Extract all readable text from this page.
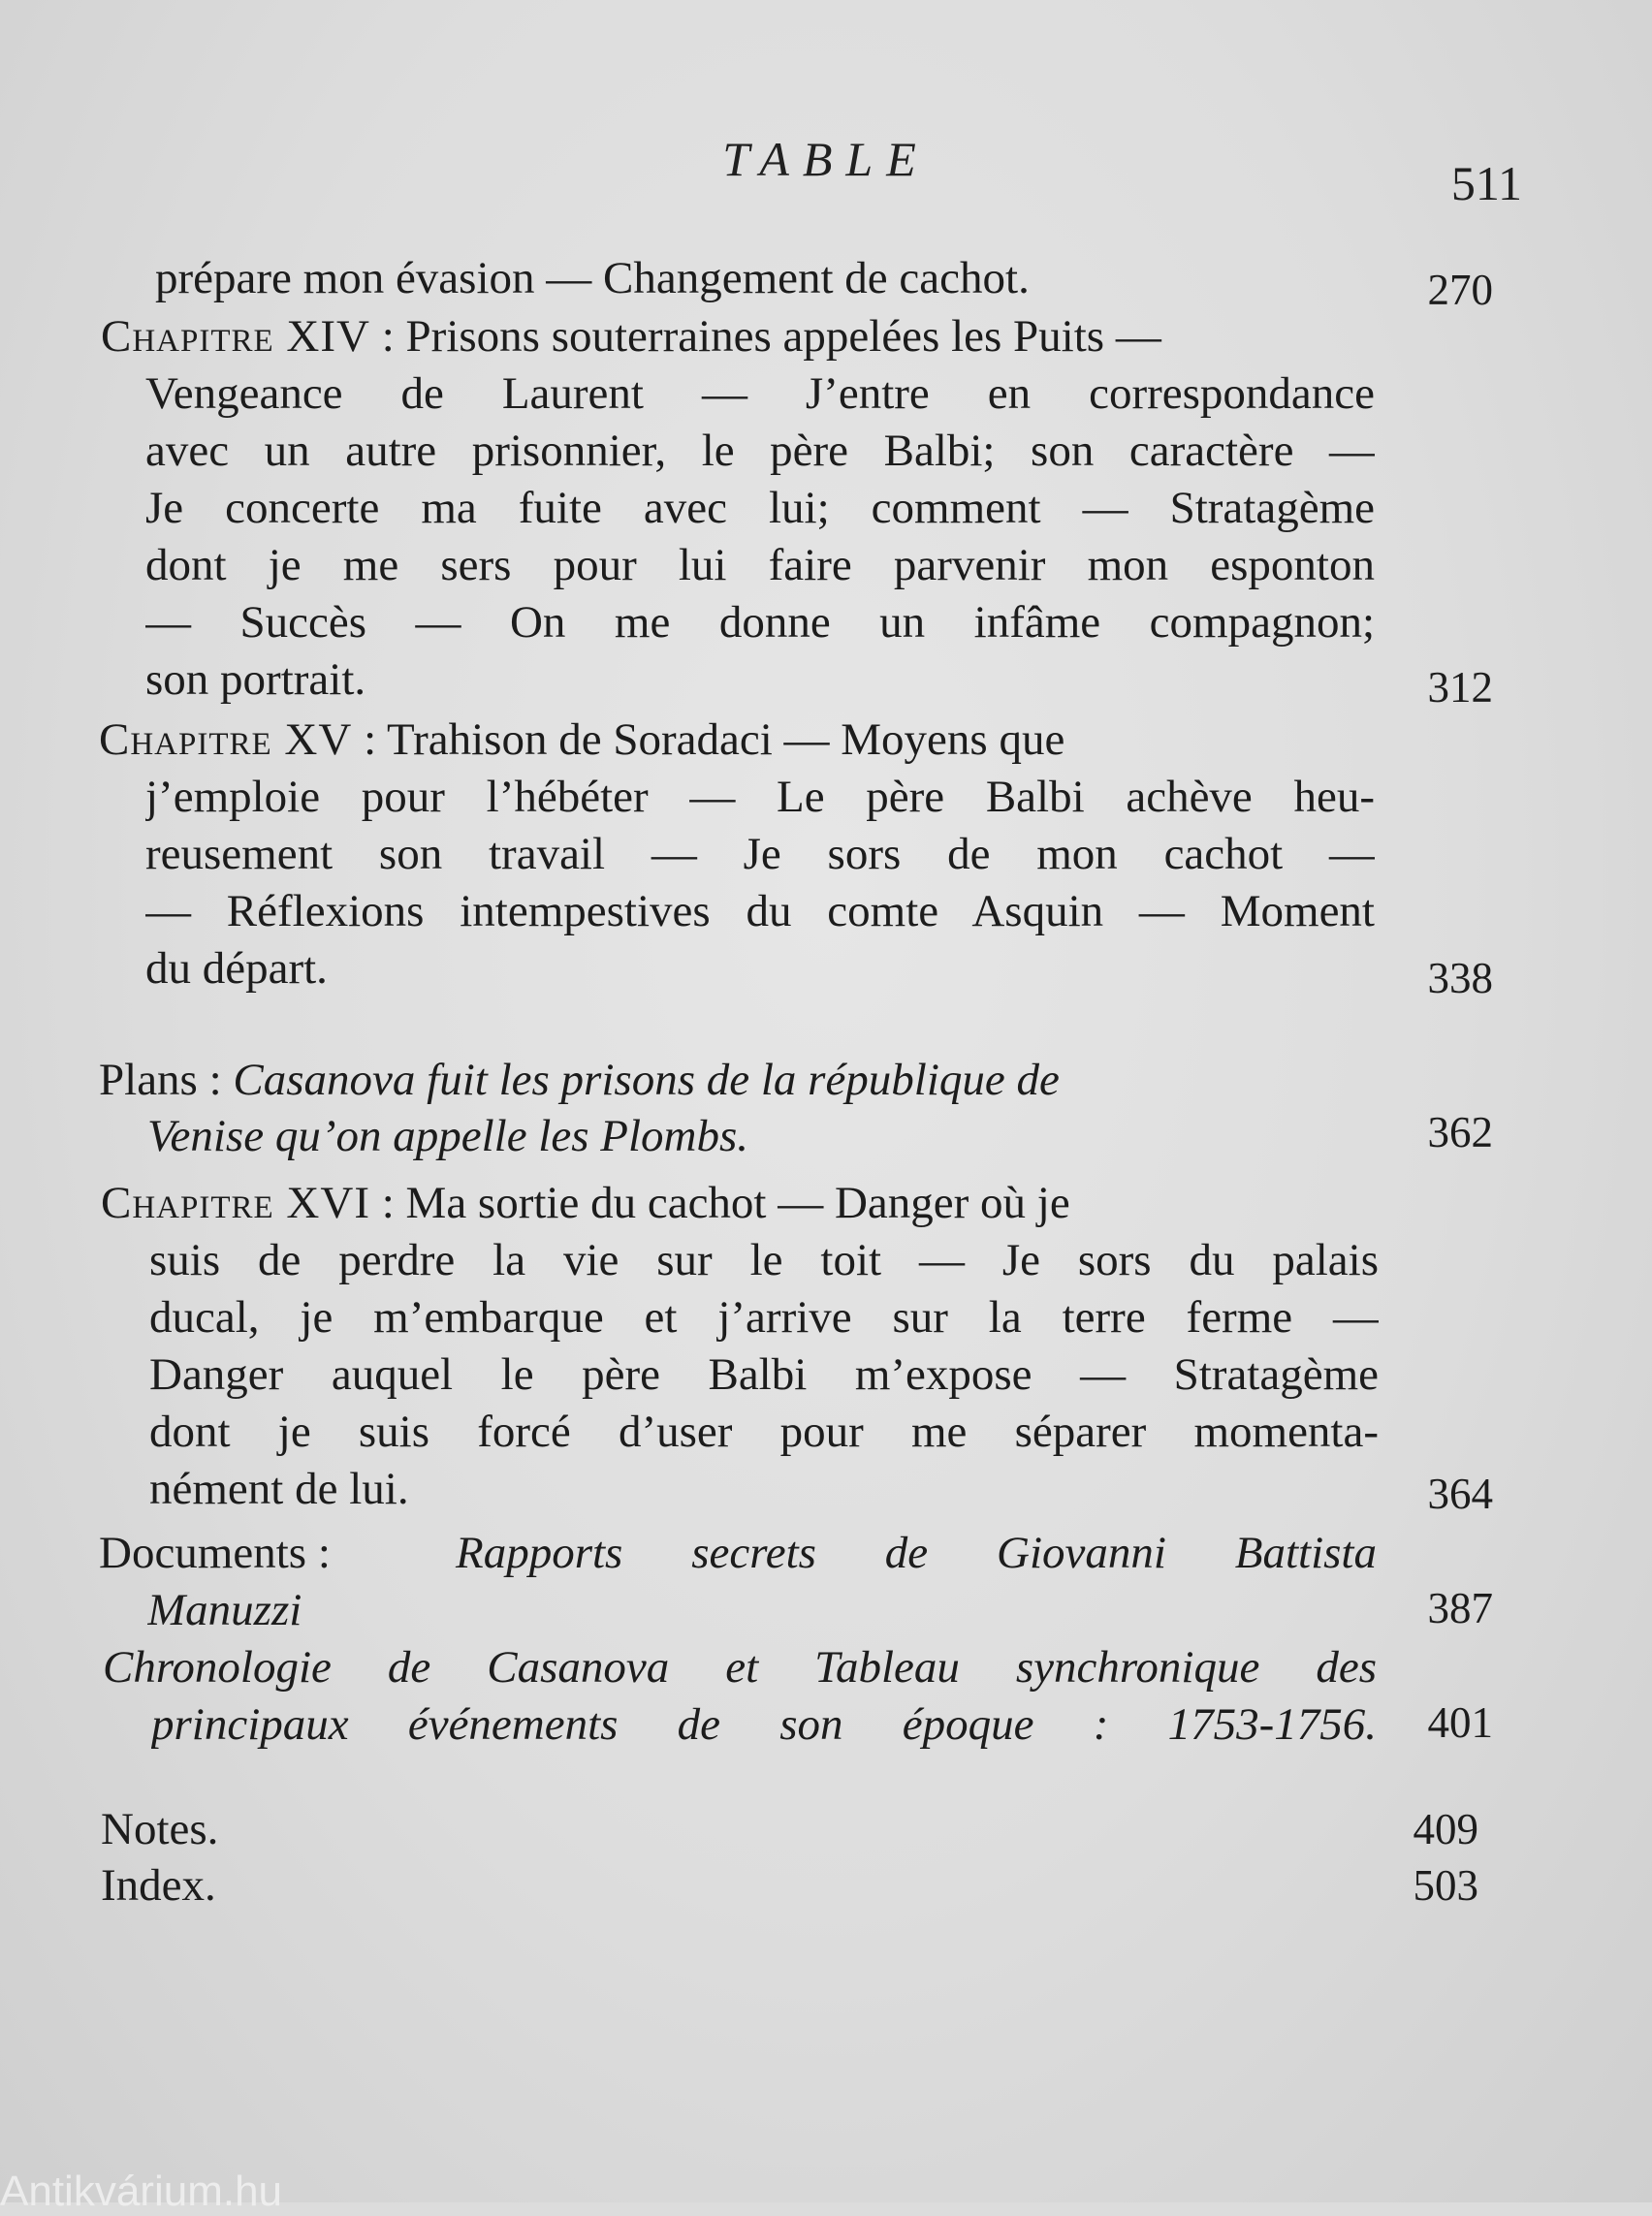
TABLE	511
prépare mon évasion — Changement de cachot.	270
Chapitre XIV : Prisons souterraines appelées les Puits —
Vengeance de Laurent — J’entre en correspondance
avec un autre prisonnier, le père Balbi; son caractère —
Je concerte ma fuite avec lui; comment — Stratagème
dont je me sers pour lui faire parvenir mon esponton
— Succès — On me donne un infâme compagnon;
son portrait.	312
Chapitre XV : Trahison de Soradaci — Moyens que
j’emploie pour l’hébéter — Le père Balbi achève heu-
reusement son travail — Je sors de mon cachot —
— Réflexions intempestives du comte Asquin — Moment
du départ.	338
Plans : Casanova fuit les prisons de la république de
Venise qu’on appelle les Plombs.	362
Chapitre XVI : Ma sortie du cachot — Danger où je
suis de perdre la vie sur le toit — Je sors du palais
ducal, je m’embarque et j’arrive sur la terre ferme —
Danger auquel le père Balbi m’expose — Stratagème
dont je suis forcé d’user pour me séparer momenta-
nément de lui.	364
Documents :	Rapports secrets de Giovanni Battista
Manuzzi	387
Chronologie de Casanova et Tableau synchronique des
principaux événements de son époque : 1753-1756.	401
Notes.	409
Index.	503
Antikvárium.hu
